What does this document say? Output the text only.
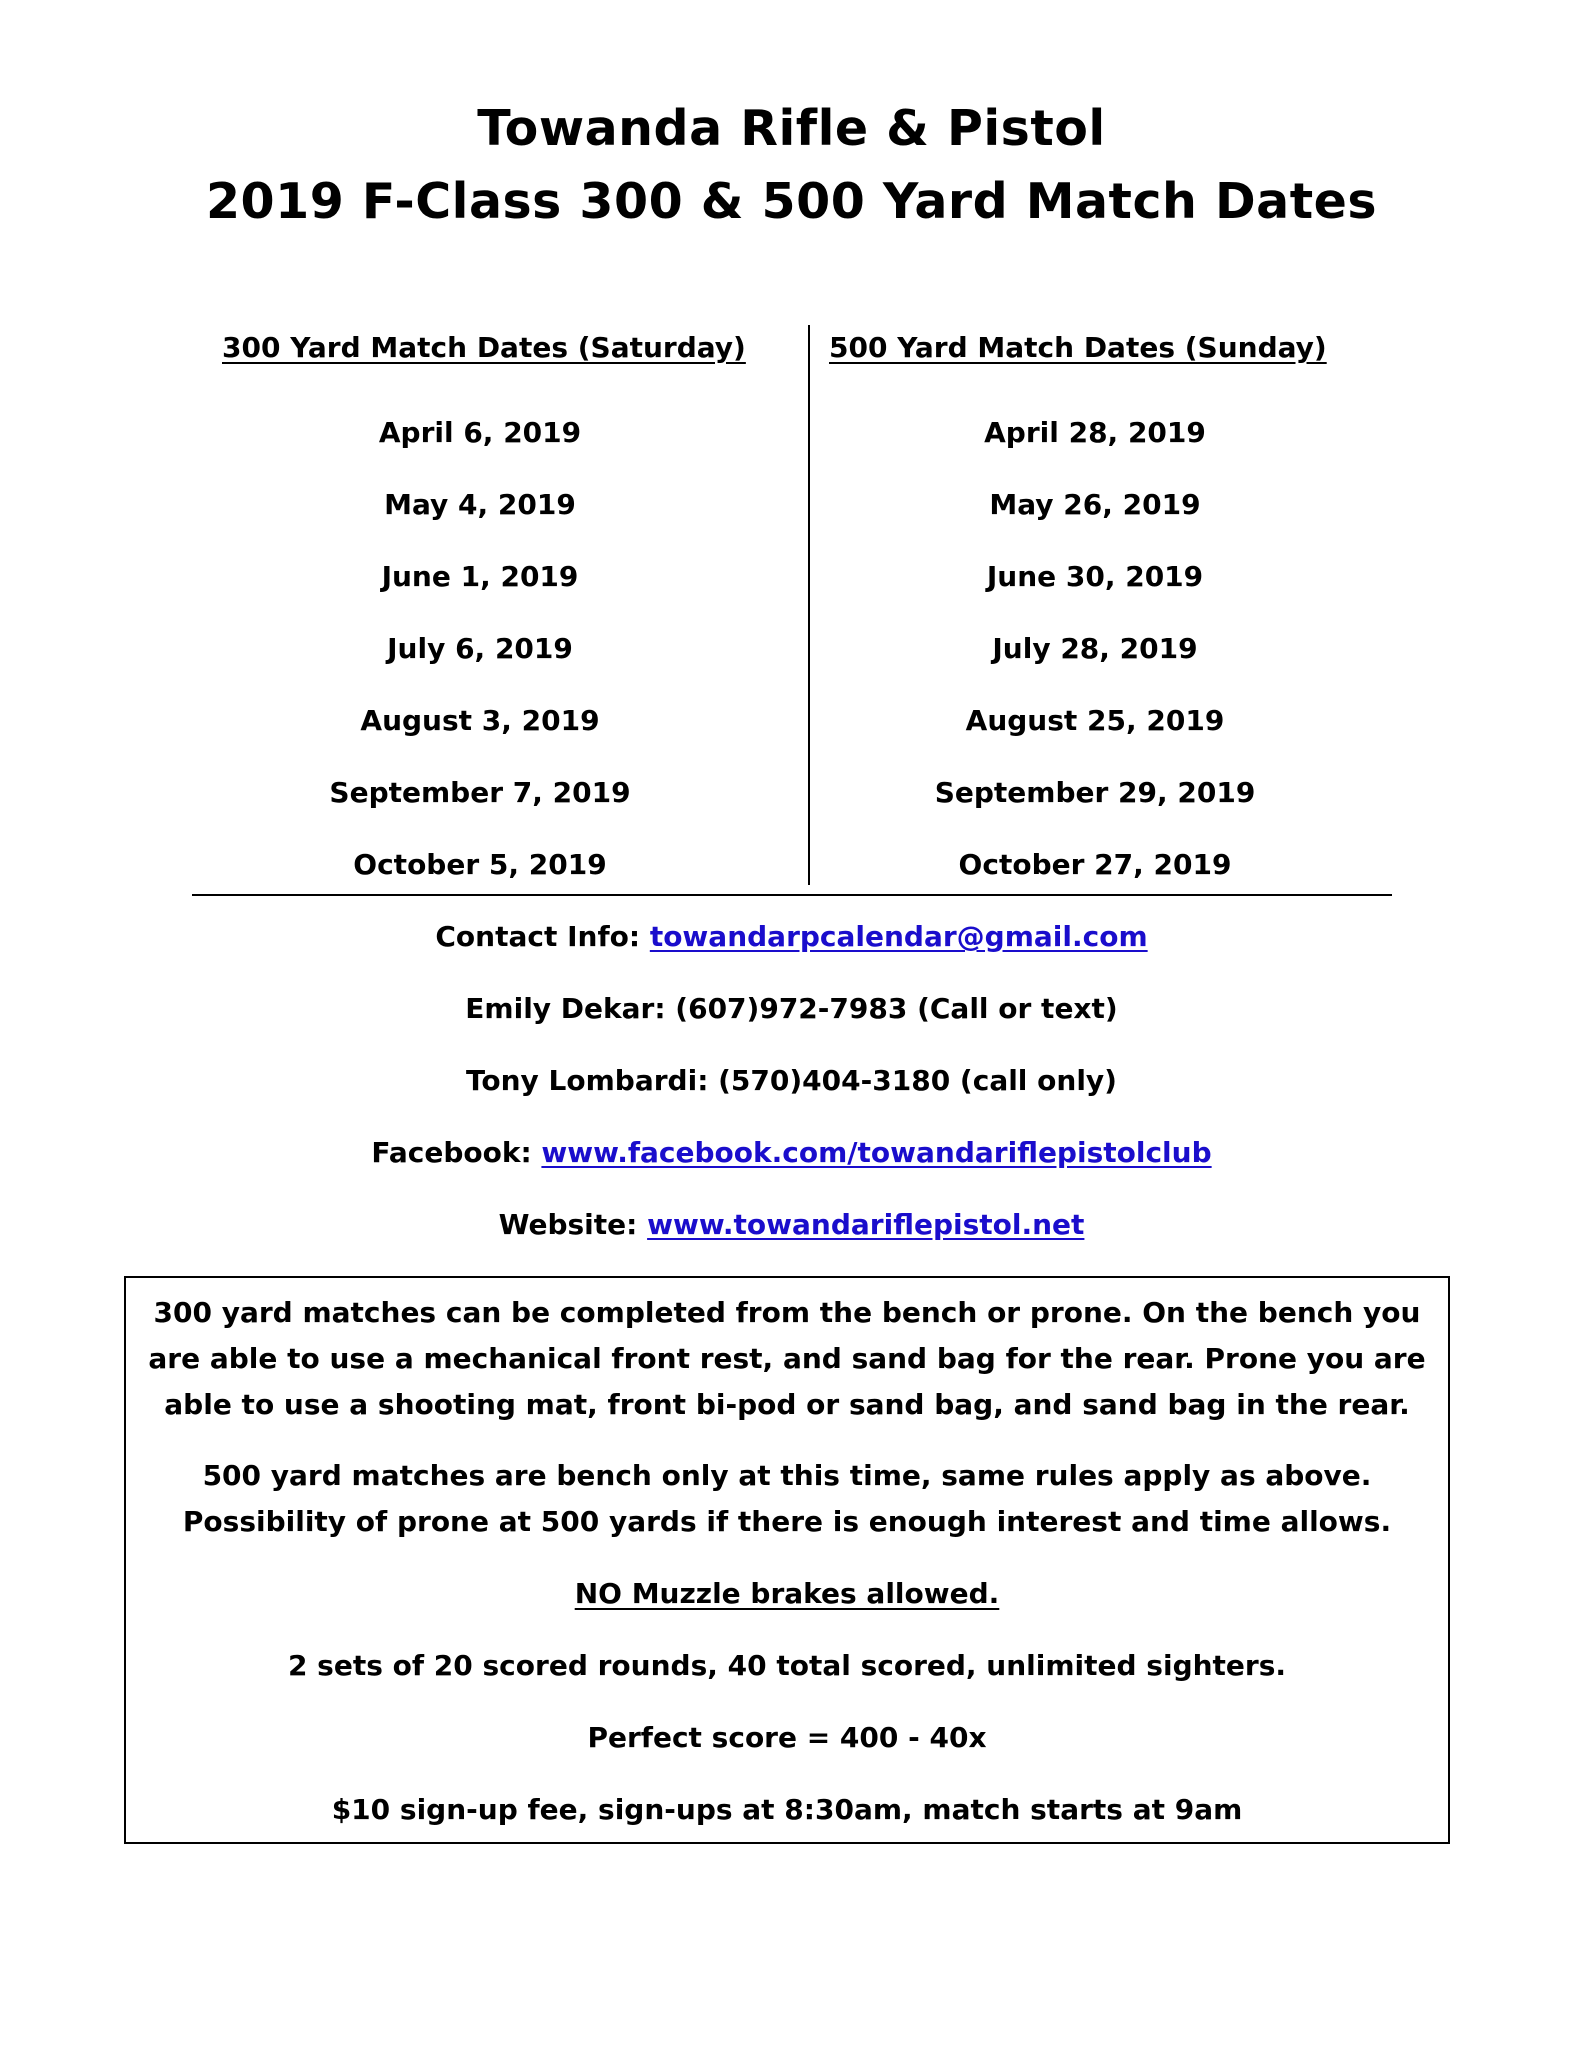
Towanda Rifle & Pistol
2019 F-Class 300 & 500 Yard Match Dates
300 Yard Match Dates (Saturday)	500 Yard Match Dates (Sunday)
April 6, 2019
May 4, 2019
June 1, 2019
July 6, 2019
August 3, 2019
September 7, 2019
October 5, 2019
April 28, 2019
May 26, 2019
June 30, 2019
July 28, 2019
August 25, 2019
September 29, 2019
October 27, 2019
Contact Info: towandarpcalendar@gmail.com
Emily Dekar: (607)972-7983 (Call or text)
Tony Lombardi: (570)404-3180 (call only)
Facebook: www.facebook.com/towandariflepistolclub
Website: www.towandariflepistol.net
300 yard matches can be completed from the bench or prone. On the bench you
are able to use a mechanical front rest, and sand bag for the rear. Prone you are
able to use a shooting mat, front bi-pod or sand bag, and sand bag in the rear.
500 yard matches are bench only at this time, same rules apply as above.
Possibility of prone at 500 yards if there is enough interest and time allows.
NO Muzzle brakes allowed.
2 sets of 20 scored rounds, 40 total scored, unlimited sighters.
Perfect score = 400 - 40x
$10 sign-up fee, sign-ups at 8:30am, match starts at 9am
